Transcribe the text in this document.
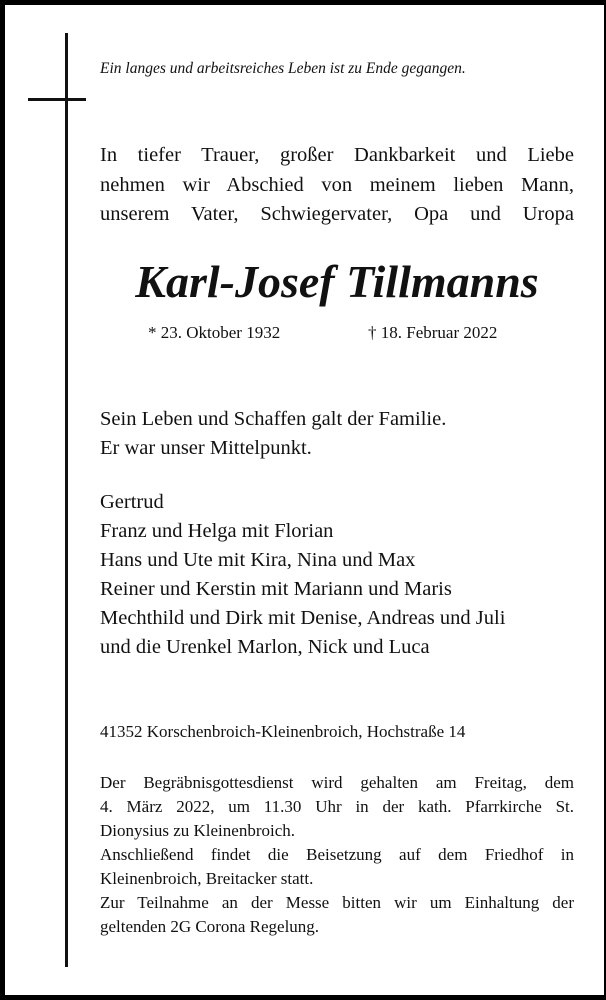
Ein langes und arbeitsreiches Leben ist zu Ende gegangen.

In tiefer Trauer, großer Dankbarkeit und Liebe
nehmen wir Abschied von meinem lieben Mann,
unserem Vater, Schwiegervater, Opa und Uropa
Karl-Josef Tillmanns
* 23. Oktober 1932	† 18. Februar 2022
Sein Leben und Schaffen galt der Familie.
Er war unser Mittelpunkt.
Gertrud
Franz und Helga mit Florian
Hans und Ute mit Kira, Nina und Max
Reiner und Kerstin mit Mariann und Maris
Mechthild und Dirk mit Denise, Andreas und Juli
und die Urenkel Marlon, Nick und Luca

41352 Korschenbroich-Kleinenbroich, Hochstraße 14

Der Begräbnisgottesdienst wird gehalten am Freitag, dem
4. März 2022, um 11.30 Uhr in der kath. Pfarrkirche St.
Dionysius zu Kleinenbroich.
Anschließend findet die Beisetzung auf dem Friedhof in
Kleinenbroich, Breitacker statt.
Zur Teilnahme an der Messe bitten wir um Einhaltung der
geltenden 2G Corona Regelung.
